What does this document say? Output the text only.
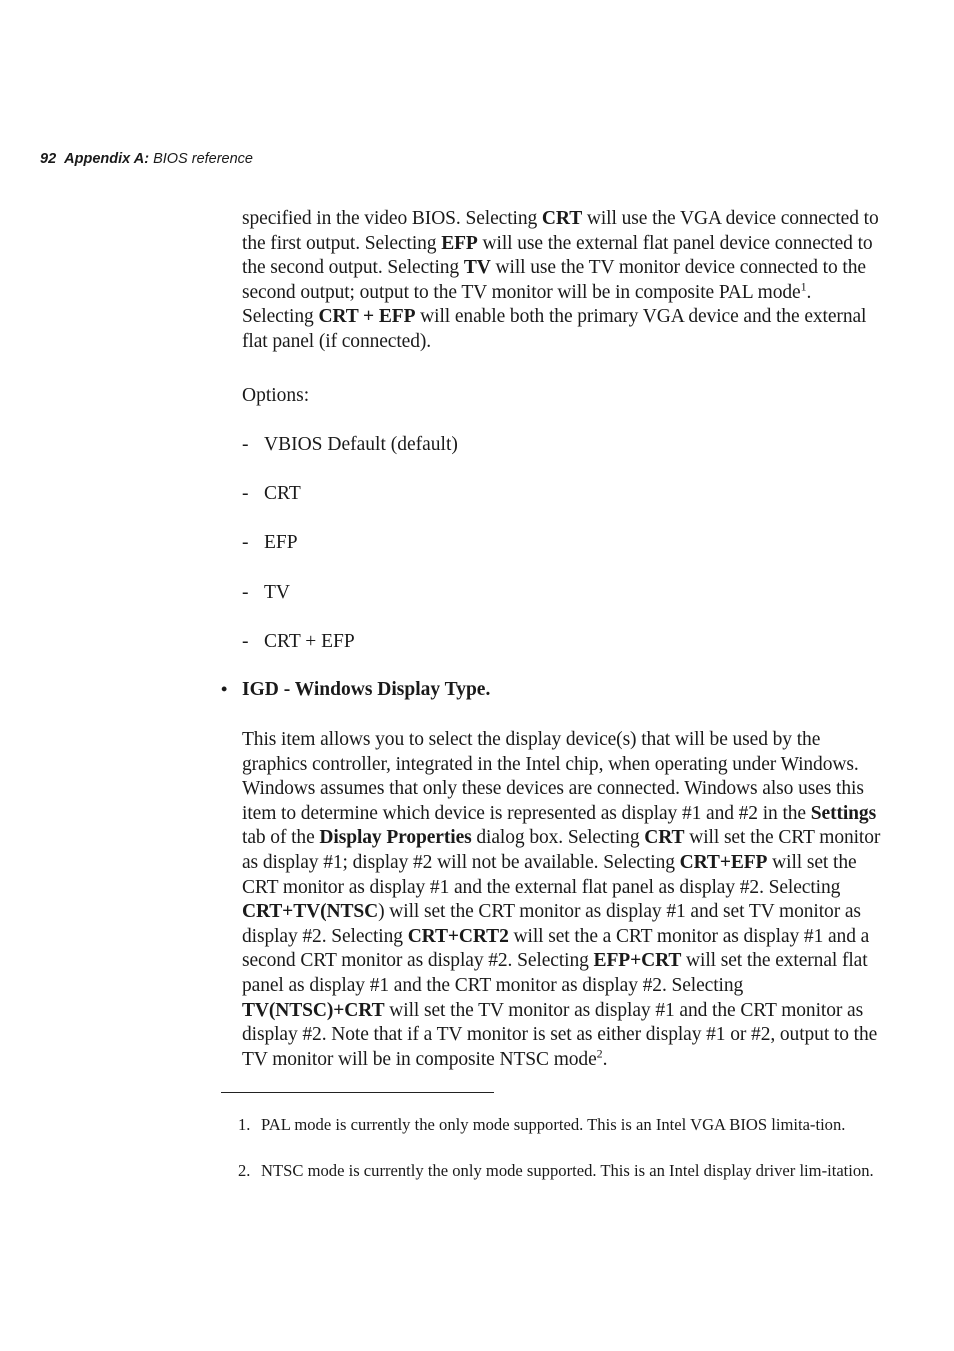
92 Appendix A: BIOS reference

specified in the video BIOS. Selecting CRT will use the VGA device connected to the first output. Selecting EFP will use the external flat panel device connected to the second output. Selecting TV will use the TV monitor device connected to the second output; output to the TV monitor will be in composite PAL mode$^1$. Selecting CRT + EFP will enable both the primary VGA device and the external flat panel (if connected).

Options:

- VBIOS Default (default)

- CRT

- EFP

- TV

- CRT + EFP

• IGD - Windows Display Type.

This item allows you to select the display device(s) that will be used by the graphics controller, integrated in the Intel chip, when operating under Windows. Windows assumes that only these devices are connected. Windows also uses this item to determine which device is represented as display #1 and #2 in the Settings tab of the Display Properties dialog box. Selecting CRT will set the CRT monitor as display #1; display #2 will not be available. Selecting CRT+EFP will set the CRT monitor as display #1 and the external flat panel as display #2. Selecting CRT+TV(NTSC) will set the CRT monitor as display #1 and set TV monitor as display #2. Selecting CRT+CRT2 will set the a CRT monitor as display #1 and a second CRT monitor as display #2. Selecting EFP+CRT will set the external flat panel as display #1 and the CRT monitor as display #2. Selecting TV(NTSC)+CRT will set the TV monitor as display #1 and the CRT monitor as display #2. Note that if a TV monitor is set as either display #1 or #2, output to the TV monitor will be in composite NTSC mode$^2$.

1. PAL mode is currently the only mode supported. This is an Intel VGA BIOS limita-tion.
2. NTSC mode is currently the only mode supported. This is an Intel display driver lim-itation.
